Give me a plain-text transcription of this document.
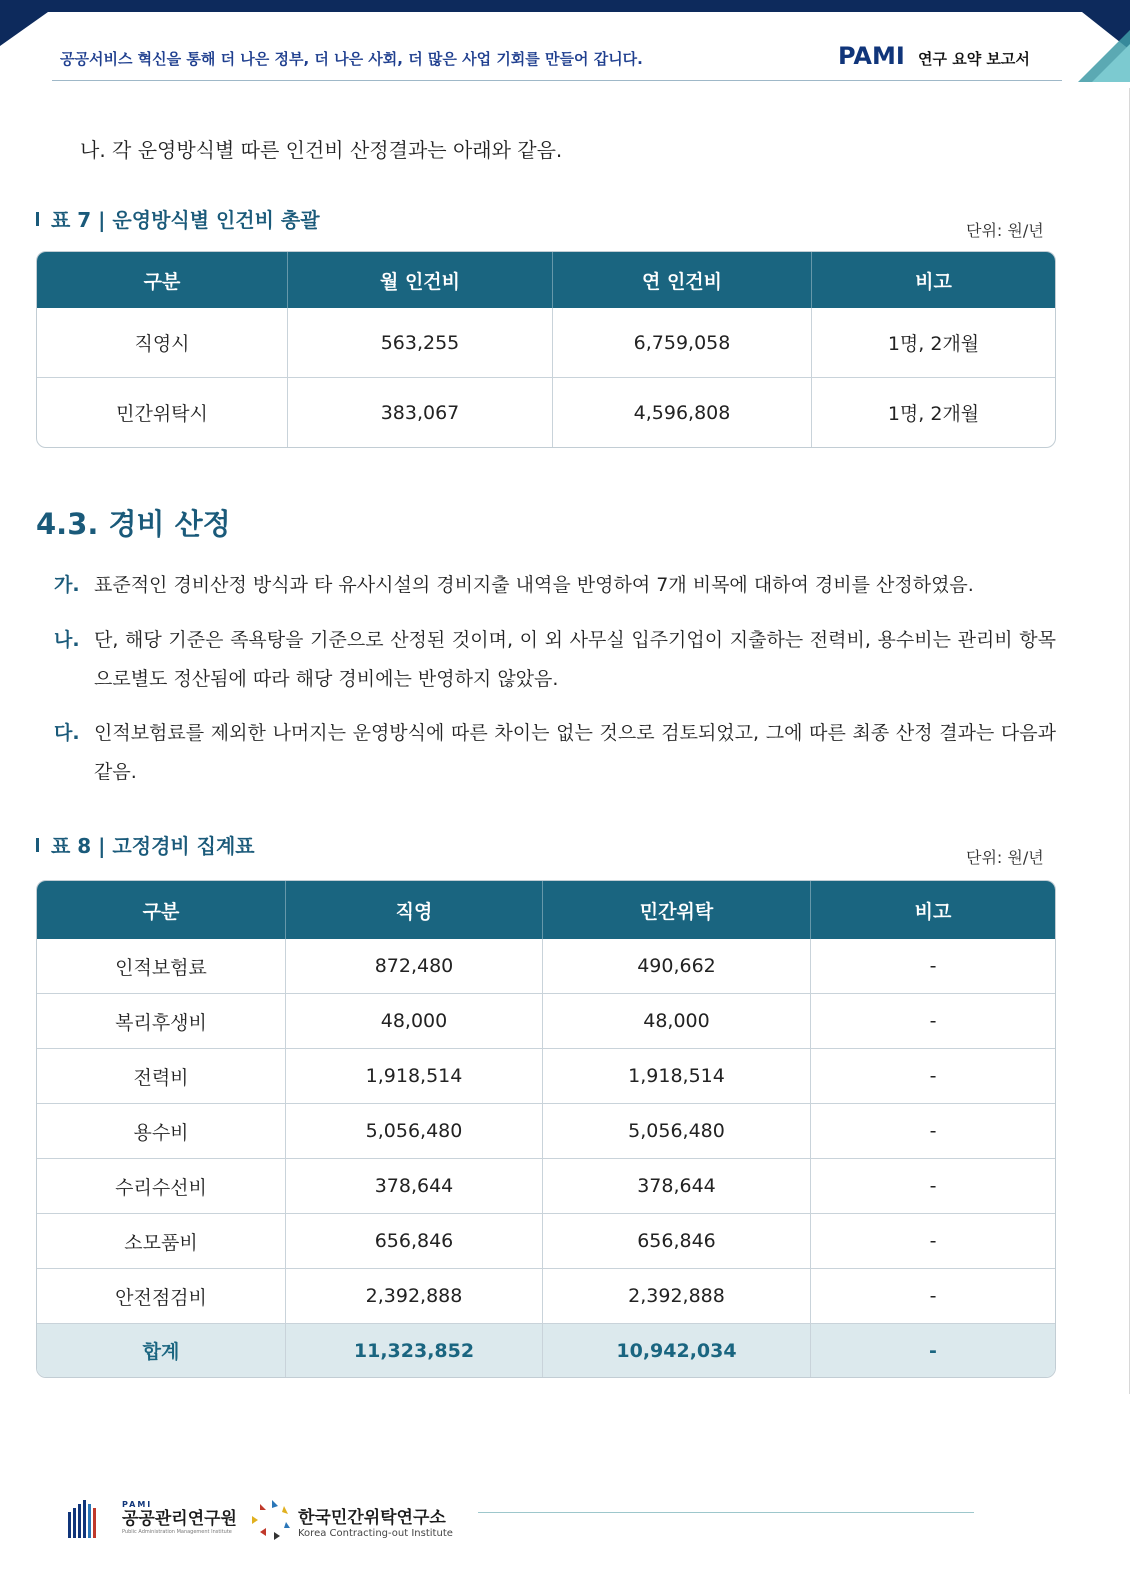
공공서비스 혁신을 통해 더 나은 정부, 더 나은 사회, 더 많은 사업 기회를 만들어 갑니다.	PAMI 연구 요약 보고서
나. 각 운영방식별 따른 인건비 산정결과는 아래와 같음.
표 7 | 운영방식별 인건비 총괄	단위: 원/년
구분	월 인건비	연 인건비	비고
직영시	563,255	6,759,058	1명, 2개월
민간위탁시	383,067	4,596,808	1명, 2개월
4.3. 경비 산정
가. 표준적인 경비산정 방식과 타 유사시설의 경비지출 내역을 반영하여 7개 비목에 대하여 경비를 산정하였음.
나. 단, 해당 기준은 족욕탕을 기준으로 산정된 것이며, 이 외 사무실 입주기업이 지출하는 전력비, 용수비는 관리비 항목으로별도 정산됨에 따라 해당 경비에는 반영하지 않았음.
다. 인적보험료를 제외한 나머지는 운영방식에 따른 차이는 없는 것으로 검토되었고, 그에 따른 최종 산정 결과는 다음과 같음.
표 8 | 고정경비 집계표	단위: 원/년
구분	직영	민간위탁	비고
인적보험료	872,480	490,662	-
복리후생비	48,000	48,000	-
전력비	1,918,514	1,918,514	-
용수비	5,056,480	5,056,480	-
수리수선비	378,644	378,644	-
소모품비	656,846	656,846	-
안전점검비	2,392,888	2,392,888	-
합계	11,323,852	10,942,034	-
PAMI
공공관리연구원
Public Administration Management Institute
한국민간위탁연구소
Korea Contracting-out Institute
